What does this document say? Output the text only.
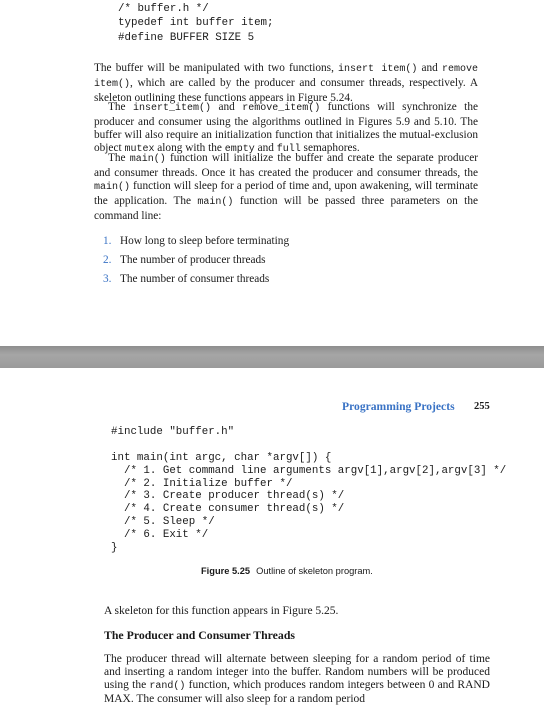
/* buffer.h */
typedef int buffer item;
#define BUFFER SIZE 5
The buffer will be manipulated with two functions, insert item() and remove item(), which are called by the producer and consumer threads, respectively. A skeleton outlining these functions appears in Figure 5.24.
The insert_item() and remove_item() functions will synchronize the producer and consumer using the algorithms outlined in Figures 5.9 and 5.10. The buffer will also require an initialization function that initializes the mutual-exclusion object mutex along with the empty and full semaphores.
The main() function will initialize the buffer and create the separate producer and consumer threads. Once it has created the producer and consumer threads, the main() function will sleep for a period of time and, upon awakening, will terminate the application. The main() function will be passed three parameters on the command line:
1. How long to sleep before terminating
2. The number of producer threads
3. The number of consumer threads
Programming Projects 255
#include "buffer.h"
int main(int argc, char *argv[]) {
/* 1. Get command line arguments argv[1],argv[2],argv[3] */
/* 2. Initialize buffer */
/* 3. Create producer thread(s) */
/* 4. Create consumer thread(s) */
/* 5. Sleep */
/* 6. Exit */
}
Figure 5.25 Outline of skeleton program.
A skeleton for this function appears in Figure 5.25.
The Producer and Consumer Threads
The producer thread will alternate between sleeping for a random period of time and inserting a random integer into the buffer. Random numbers will be produced using the rand() function, which produces random integers between 0 and RAND MAX. The consumer will also sleep for a random period
